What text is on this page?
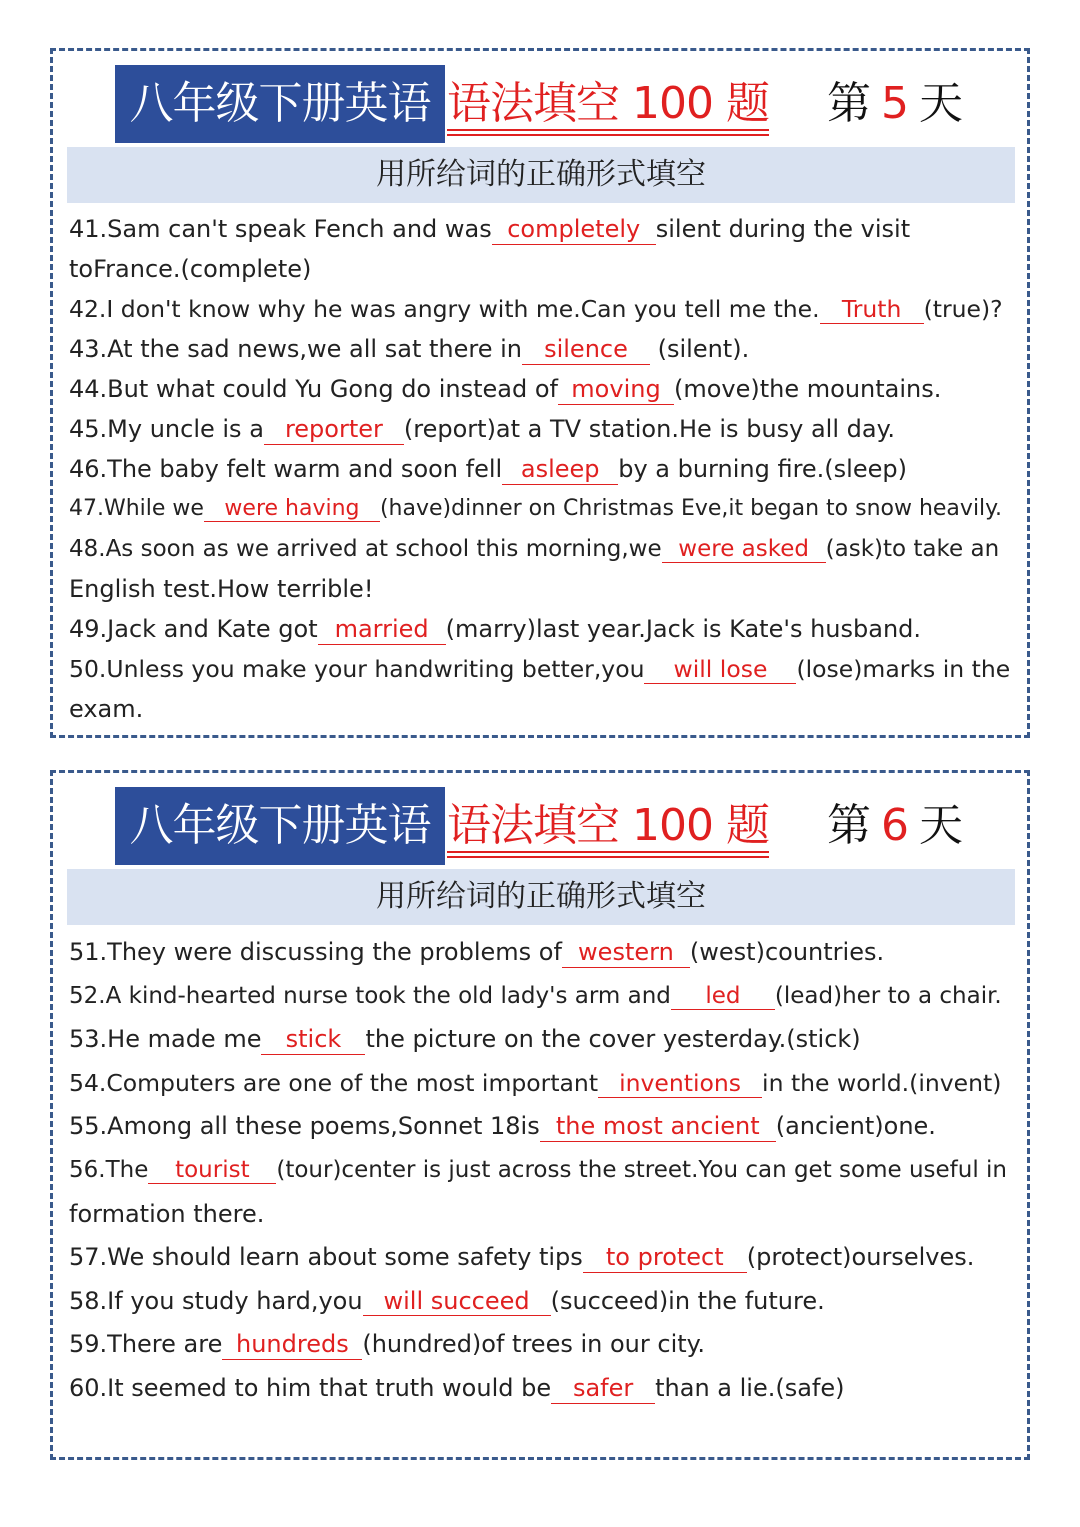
八年级下册英语 语法填空 100 题 第 5 天
用所给词的正确形式填空
41.Sam can't speak Fench and was completely silent during the visit
toFrance.(complete)
42.I don't know why he was angry with me.Can you tell me the. Truth (true)?
43.At the sad news,we all sat there in silence (silent).
44.But what could Yu Gong do instead of moving (move)the mountains.
45.My uncle is a reporter (report)at a TV station.He is busy all day.
46.The baby felt warm and soon fell asleep by a burning fire.(sleep)
47.While we were having (have)dinner on Christmas Eve,it began to snow heavily.
48.As soon as we arrived at school this morning,we were asked (ask)to take an
English test.How terrible!
49.Jack and Kate got married (marry)last year.Jack is Kate's husband.
50.Unless you make your handwriting better,you will lose (lose)marks in the
exam.
八年级下册英语 语法填空 100 题 第 6 天
用所给词的正确形式填空
51.They were discussing the problems of western (west)countries.
52.A kind-hearted nurse took the old lady's arm and led (lead)her to a chair.
53.He made me stick the picture on the cover yesterday.(stick)
54.Computers are one of the most important inventions in the world.(invent)
55.Among all these poems,Sonnet 18is the most ancient (ancient)one.
56.The tourist (tour)center is just across the street.You can get some useful in
formation there.
57.We should learn about some safety tips to protect (protect)ourselves.
58.If you study hard,you will succeed (succeed)in the future.
59.There are hundreds (hundred)of trees in our city.
60.It seemed to him that truth would be safer than a lie.(safe)
